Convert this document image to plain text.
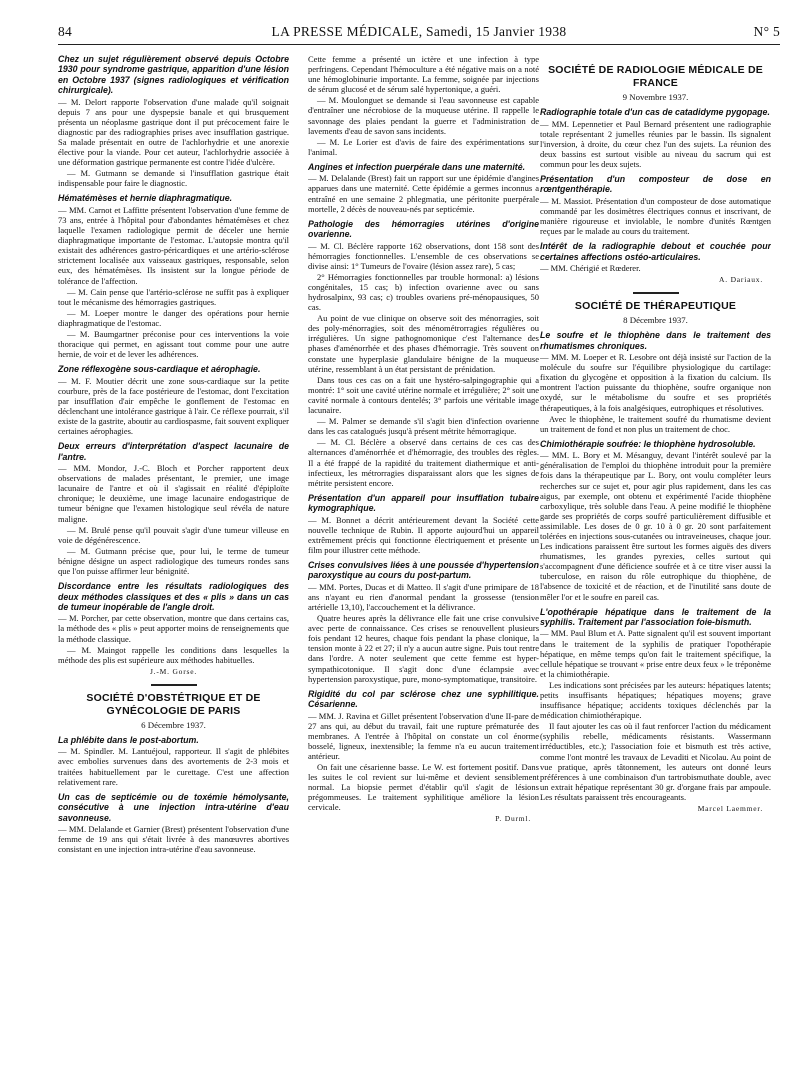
84	LA PRESSE MÉDICALE, Samedi, 15 Janvier 1938	N° 5
Chez un sujet régulièrement observé depuis Octobre 1930 pour syndrome gastrique, apparition d'une lésion en Octobre 1937 (signes radiologiques et vérification chirurgicale).

— M. Delort rapporte l'observation d'une malade qu'il soignait depuis 7 ans pour une dyspepsie banale et qui brusquement présenta un néoplasme gastrique dont il put précocement faire le diagnostic par des radiographies prises avec insufflation gastrique. Sa malade présentait en outre de l'achlorhydrie et une anorexie élective pour la viande. Pour cet auteur, l'achlorhydrie associée à une déformation gastrique permanente est contre l'idée d'ulcère.

— M. Gutmann se demande si l'insufflation gastrique était indispensable pour faire le diagnostic.

Hématémèses et hernie diaphragmatique.

— MM. Carnot et Laffitte présentent l'observation d'une femme de 73 ans, entrée à l'hôpital pour d'abondantes hématémèses et chez laquelle l'examen radiologique permit de déceler une hernie diaphragmatique importante de l'estomac. L'autopsie montra qu'il existait des adhérences gastro-péricardiques et une artério-sclérose strictement localisée aux vaisseaux gastriques, responsable, selon eux, des hématémèses. Ils insistent sur la longue période de tolérance de l'affection.

— M. Cain pense que l'artério-sclérose ne suffit pas à expliquer tout le mécanisme des hémorragies gastriques.

— M. Loeper montre le danger des opérations pour hernie diaphragmatique de l'estomac.

— M. Baumgartner préconise pour ces interventions la voie thoracique qui permet, en agissant tout comme pour une autre hernie, de voir et de lever les adhérences.

Zone réflexogène sous-cardiaque et aérophagie.

— M. F. Moutier décrit une zone sous-cardiaque sur la petite courbure, près de la face postérieure de l'estomac, dont l'excitation par insufflation d'air empêche le gonflement de l'estomac en déclenchant une intolérance gastrique à l'air. Ce réflexe pourrait, s'il existe de la gastrite, aboutir au cardiospasme, fait souvent expliquer certaines aérophagies.

Deux erreurs d'interprétation d'aspect lacunaire de l'antre.

— MM. Mondor, J.-C. Bloch et Porcher rapportent deux observations de malades présentant, le premier, une image lacunaire de l'antre et où il s'agissait en réalité d'épiploïte chronique; le deuxième, une image lacunaire endogastrique de tumeur bénigne que l'examen histologique seul révéla de nature maligne.

— M. Brulé pense qu'il pouvait s'agir d'une tumeur villeuse en voie de dégénérescence.

— M. Gutmann précise que, pour lui, le terme de tumeur bénigne désigne un aspect radiologique des tumeurs rondes sans que l'on puisse affirmer leur bénignité.

Discordance entre les résultats radiologiques des deux méthodes classiques et des « plis » dans un cas de tumeur inopérable de l'angle droit.

— M. Porcher, par cette observation, montre que dans certains cas, la méthode des « plis » peut apporter moins de renseignements que la méthode classique.

— M. Maingot rappelle les conditions dans lesquelles la méthode des plis est supérieure aux méthodes habituelles.

J.-M. Gorse.
SOCIÉTÉ D'OBSTÉTRIQUE ET DE GYNÉCOLOGIE DE PARIS
6 Décembre 1937.
La phlébite dans le post-abortum.

— M. Spindler. M. Lantuéjoul, rapporteur. Il s'agit de phlébites avec embolies survenues dans des avortements de 2-3 mois et traitées habituellement par le curettage. C'est une affection relativement rare.

Un cas de septicémie ou de toxémie hémolysante, consécutive à une injection intra-utérine d'eau savonneuse.

— MM. Delalande et Garnier (Brest) présentent l'observation d'une femme de 19 ans qui s'était livrée à des manœuvres abortives consistant en une injection intra-utérine d'eau savonneuse.

Cette femme a présenté un ictère et une infection à type perfringens. Cependant l'hémoculture a été négative mais on a noté une hémoglobinurie importante. La femme, soignée par injections de sérum glucosé et de sérum salé hypertonique, a guéri.

— M. Moulonguet se demande si l'eau savonneuse est capable d'entraîner une nécrobiose de la muqueuse utérine. Il rappelle le savonnage des plaies pendant la guerre et l'administration de lavements d'eau de savon sans incidents.

— M. Le Lorier est d'avis de faire des expérimentations sur l'animal.

Angines et infection puerpérale dans une maternité.

— M. Delalande (Brest) fait un rapport sur une épidémie d'angines apparues dans une maternité. Cette épidémie a germes inconnus a entraîné en une semaine 2 phlegmatia, une péritonite puerpérale mortelle, 2 décès de nouveau-nés par septicémie.

Pathologie des hémorragies utérines d'origine ovarienne.

— M. Cl. Béclère rapporte 162 observations, dont 158 sont des hémorragies fonctionnelles. L'ensemble de ces observations se divise ainsi: 1° Tumeurs de l'ovaire (lésion assez rare), 5 cas;

2° Hémorragies fonctionnelles par trouble hormonal: a) lésions congénitales, 15 cas; b) infection ovarienne avec ou sans hydrosalpinx, 93 cas; c) troubles ovariens pré-ménopausiques, 50 cas.

Au point de vue clinique on observe soit des ménorragies, soit des poly-ménorragies, soit des ménométrorragies régulières ou irrégulières. Un signe pathognomonique c'est l'alternance des phases d'aménorrhée et des phases d'hémorragie. Très souvent on constate une hyperplasie glandulaire bénigne de la muqueuse utérine, ressemblant à un état persistant de prénidation.

Dans tous ces cas on a fait une hystéro-salpingographie qui a montré: 1° soit une cavité utérine normale et irrégulière; 2° soit une cavité normale à contours dentelés; 3° parfois une véritable image lacunaire.

— M. Palmer se demande s'il s'agit bien d'infection ovarienne dans les cas catalogués jusqu'à présent métrite hémorragique.

— M. Cl. Béclère a observé dans certains de ces cas des alternances d'aménorrhée et d'hémorragie, des troubles des règles. Il a été frappé de la rapidité du traitement diathermique et anti-infectieux, les métrorragies disparaissant alors que les signes de métrite persistent encore.

Présentation d'un appareil pour insufflation tubaire kymographique.

— M. Bonnet a décrit antérieurement devant la Société cette nouvelle technique de Rubin. Il apporte aujourd'hui un appareil extrêmement précis qui fonctionne électriquement et présente un film pour illustrer cette méthode.

Crises convulsives liées à une poussée d'hypertension paroxystique au cours du post-partum.

— MM. Portes, Ducas et di Matteo. Il s'agit d'une primipare de 18 ans n'ayant eu rien d'anormal pendant la grossesse (tension artérielle 13,10), l'accouchement et la délivrance.

Quatre heures après la délivrance elle fait une crise convulsive avec perte de connaissance. Ces crises se renouvellent plusieurs fois pendant 12 heures, chaque fois pendant la phase clonique, la tension monte à 22 et 27; il n'y a aucun autre signe. Puis tout rentre dans l'ordre. A noter seulement que cette femme est hyper-sympathicotonique. Il s'agit donc d'une éclampsie avec hypertension paroxystique, pure, mono-symptomatique, transitoire.

Rigidité du col par sclérose chez une syphilitique. Césarienne.

— MM. J. Ravina et Gillet présentent l'observation d'une II-pare de 27 ans qui, au début du travail, fait une rupture prématurée des membranes. A l'entrée à l'hôpital on constate un col énorme bosselé, ligneux, inextensible; la femme n'a eu aucun traitement antérieur.

On fait une césarienne basse. Le W. est fortement positif. Dans les suites le col revient sur lui-même et devient sensiblement normal. La biopsie permet d'établir qu'il s'agit de lésions prégommeuses. Le traitement syphilitique améliore la lésion cervicale.

P. Durml.
SOCIÉTÉ DE RADIOLOGIE MÉDICALE DE FRANCE
9 Novembre 1937.
Radiographie totale d'un cas de catadidyme pygopage.

— MM. Lepennetier et Paul Bernard présentent une radiographie totale représentant 2 jumelles réunies par le bassin. Ils signalent l'inversion, à droite, du cœur chez l'un des sujets. La réunion des deux bassins est surtout visible au niveau du sacrum qui est commun pour les deux sujets.

Présentation d'un composteur de dose en rœntgenthérapie.

— M. Massiot. Présentation d'un composteur de dose automatique commandé par les dosimètres électriques connus et inscrivant, de manière rigoureuse et inviolable, le nombre d'unités Rœntgen reçues par le malade au cours du traitement.

Intérêt de la radiographie debout et couchée pour certaines affections ostéo-articulaires.

— MM. Chérigié et Rœderer.

A. Dariaux.
SOCIÉTÉ DE THÉRAPEUTIQUE
8 Décembre 1937.
Le soufre et le thiophène dans le traitement des rhumatismes chroniques.

— MM. M. Loeper et R. Lesobre ont déjà insisté sur l'action de la molécule du soufre sur l'équilibre physiologique du cartilage: fixation du glycogène et opposition à la fixation du calcium. Ils montrent l'action puissante du thiophène, soufre organique non oxydé, sur le métabolisme du soufre et ses propriétés thérapeutiques, à la fois analgésiques, eutrophiques et résolutives.

Avec le thiophène, le traitement soufré du rhumatisme devient un traitement de fond et non plus un traitement de choc.

Chimiothérapie soufrée: le thiophène hydrosoluble.

— MM. L. Bory et M. Mésanguy, devant l'intérêt soulevé par la généralisation de l'emploi du thiophène introduit pour la première fois dans la thérapeutique par L. Bory, ont voulu compléter leurs recherches sur ce sujet et, pour agir plus rapidement, dans les cas aigus, par exemple, ont obtenu et expérimenté l'acide thiophène carboxylique, très soluble dans l'eau. A peine modifié le thiophène garde ses propriétés de corps soufré particulièrement diffusible et assimilable. Les doses de 0 gr. 10 à 0 gr. 20 sont parfaitement tolérées en injections sous-cutanées ou intraveineuses, chaque jour. Les indications paraissent être surtout les formes aiguës des divers rhumatismes, les grandes pyrexies, celles surtout qui s'accompagnent d'une déficience soufrée et à ce titre viser aussi la tuberculose, en raison du rôle eutrophique du thiophène, de l'absence de toxicité et de réaction, et de l'inutilité sans doute de mêler l'or et le soufre en pareil cas.

L'opothérapie hépatique dans le traitement de la syphilis. Traitement par l'association foie-bismuth.

— MM. Paul Blum et A. Patte signalent qu'il est souvent important dans le traitement de la syphilis de pratiquer l'opothérapie hépatique, en même temps qu'on fait le traitement spécifique, la cellule hépatique se trouvant « prise entre deux feux » le tréponème et la chimiothérapie.

Les indications sont précisées par les auteurs: hépatiques latents; petits insuffisants hépatiques; hépatiques moyens; grave insuffisance hépatique; accidents toxiques déclenchés par la médication chimiothérapique.

Il faut ajouter les cas où il faut renforcer l'action du médicament (syphilis rebelle, médicaments résistants. Wassermann irréductibles, etc.); l'association foie et bismuth est très active, comme l'ont montré les travaux de Levaditi et Nicolau. Au point de vue pratique, après tâtonnement, les auteurs ont donné leurs préférences à une combinaison d'un tartrobismuthate double, avec un extrait hépatique représentant 30 gr. d'organe frais par ampoule. Les résultats paraissent très encourageants.

Marcel Laemmer.
